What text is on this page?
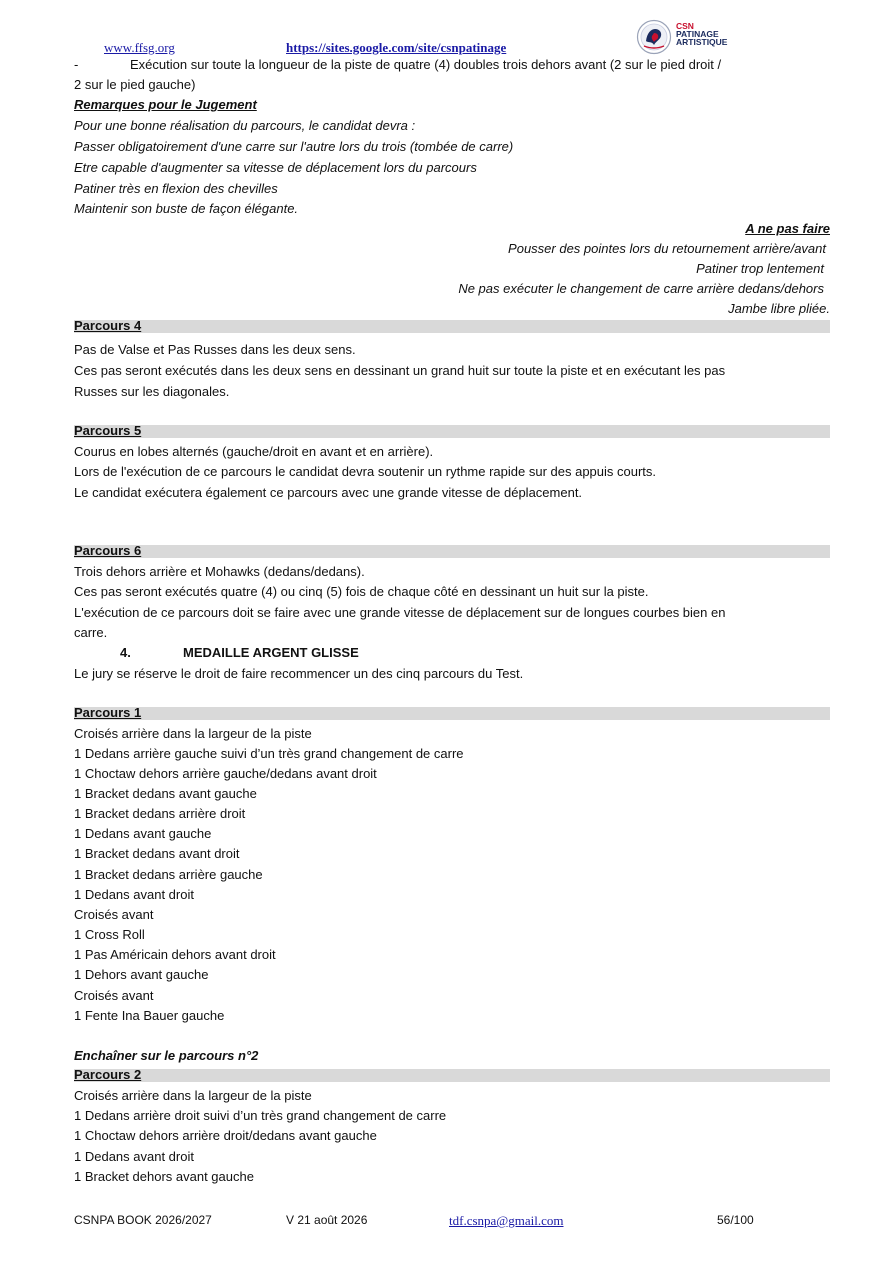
www.ffsg.org	https://sites.google.com/site/csnpatinage
CSN
PATINAGE
ARTISTIQUE
-	Exécution sur toute la longueur de la piste de quatre (4) doubles trois dehors avant (2 sur le pied droit /
2 sur le pied gauche)
Remarques pour le Jugement
Pour une bonne réalisation du parcours, le candidat devra :
Passer obligatoirement d'une carre sur l'autre lors du trois (tombée de carre)
Etre capable d'augmenter sa vitesse de déplacement lors du parcours
Patiner très en flexion des chevilles
Maintenir son buste de façon élégante.
A ne pas faire
Pousser des pointes lors du retournement arrière/avant
Patiner trop lentement
Ne pas exécuter le changement de carre arrière dedans/dehors
Jambe libre pliée.
Parcours 4
Pas de Valse et Pas Russes dans les deux sens.
Ces pas seront exécutés dans les deux sens en dessinant un grand huit sur toute la piste et en exécutant les pas
Russes sur les diagonales.
Parcours 5
Courus en lobes alternés (gauche/droit en avant et en arrière).
Lors de l'exécution de ce parcours le candidat devra soutenir un rythme rapide sur des appuis courts.
Le candidat exécutera également ce parcours avec une grande vitesse de déplacement.
Parcours 6
Trois dehors arrière et Mohawks (dedans/dedans).
Ces pas seront exécutés quatre (4) ou cinq (5) fois de chaque côté en dessinant un huit sur la piste.
L'exécution de ce parcours doit se faire avec une grande vitesse de déplacement sur de longues courbes bien en
carre.
4.	MEDAILLE ARGENT GLISSE
Le jury se réserve le droit de faire recommencer un des cinq parcours du Test.
Parcours 1
Croisés arrière dans la largeur de la piste
1 Dedans arrière gauche suivi d’un très grand changement de carre
1 Choctaw dehors arrière gauche/dedans avant droit
1 Bracket dedans avant gauche
1 Bracket dedans arrière droit
1 Dedans avant gauche
1 Bracket dedans avant droit
1 Bracket dedans arrière gauche
1 Dedans avant droit
Croisés avant
1 Cross Roll
1 Pas Américain dehors avant droit
1 Dehors avant gauche
Croisés avant
1 Fente Ina Bauer gauche
Enchaîner sur le parcours n°2
Parcours 2
Croisés arrière dans la largeur de la piste
1 Dedans arrière droit suivi d’un très grand changement de carre
1 Choctaw dehors arrière droit/dedans avant gauche
1 Dedans avant droit
1 Bracket dehors avant gauche
CSNPA BOOK 2026/2027	V 21 août 2026	tdf.csnpa@gmail.com	56/100
